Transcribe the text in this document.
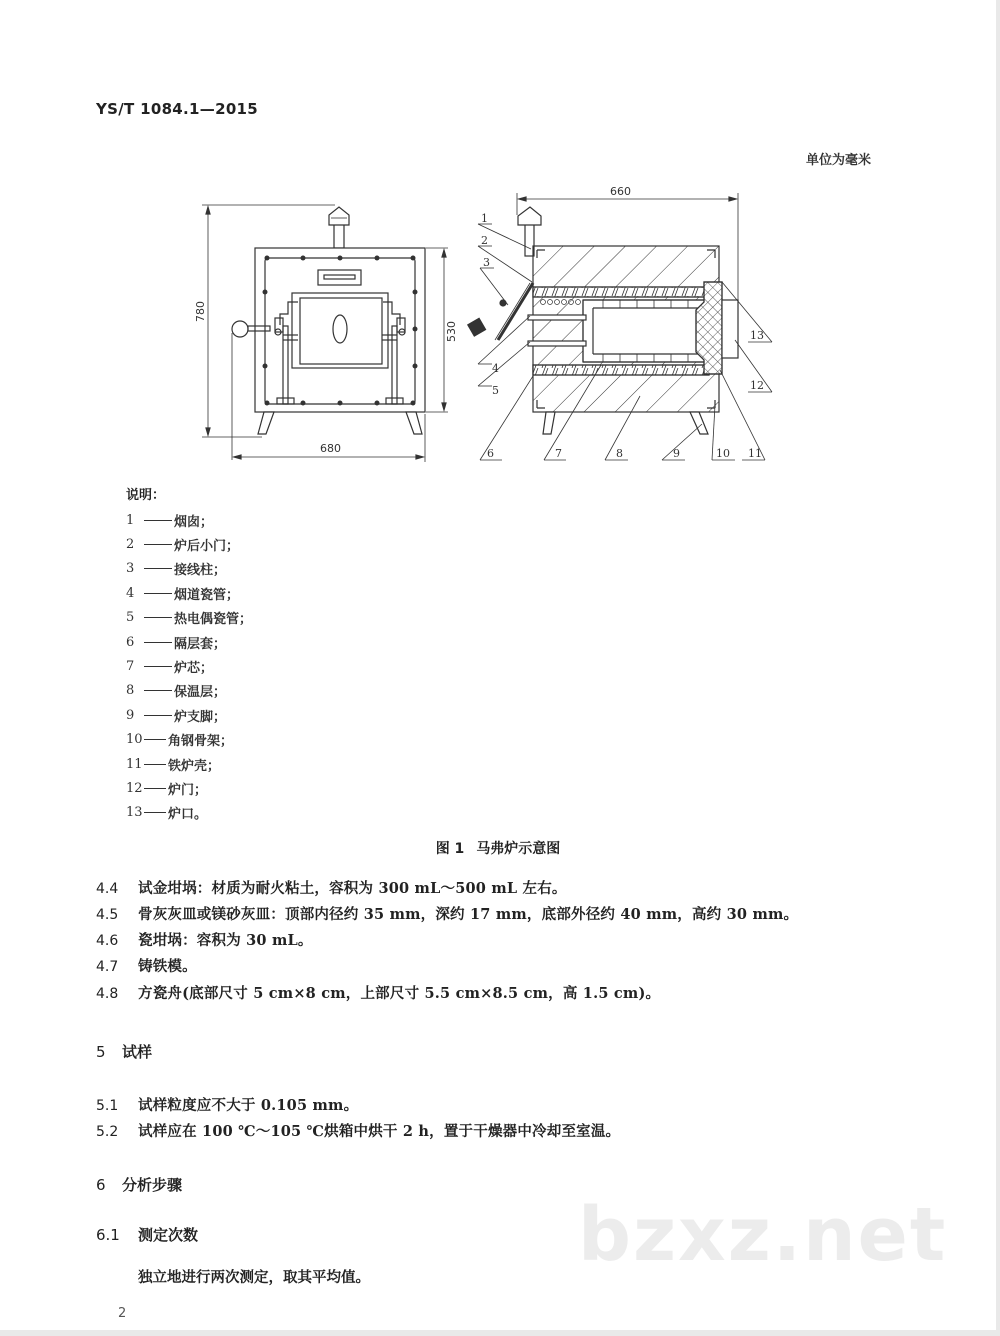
YS/T 1084.1—2015
单位为毫米
780
530
680
660
1
2
3
4
5
6	7	8	9	10 11
12
13
说明：
1	烟囱；
2	炉后小门；
3	接线柱；
4	烟道瓷管；
5	热电偶瓷管；
6	隔层套；
7	炉芯；
8	保温层；
9	炉支脚；
10 角钢骨架；
11 铁炉壳；
12 炉门；
13 炉口。
图 1 马弗炉示意图
4.4	试金坩埚：材质为耐火粘土，容积为 300 mL～500 mL 左右。
4.5	骨灰灰皿或镁砂灰皿：顶部内径约 35 mm，深约 17 mm，底部外径约 40 mm，高约 30 mm。
4.6	瓷坩埚：容积为 30 mL。
4.7	铸铁模。
4.8	方瓷舟(底部尺寸 5 cm×8 cm，上部尺寸 5.5 cm×8.5 cm，高 1.5 cm)。
5 试样
5.1	试样粒度应不大于 0.105 mm。
5.2	试样应在 100 ℃～105 ℃烘箱中烘干 2 h，置于干燥器中冷却至室温。
6 分析步骤
6.1 测定次数	bzxz.net
独立地进行两次测定，取其平均值。
2
